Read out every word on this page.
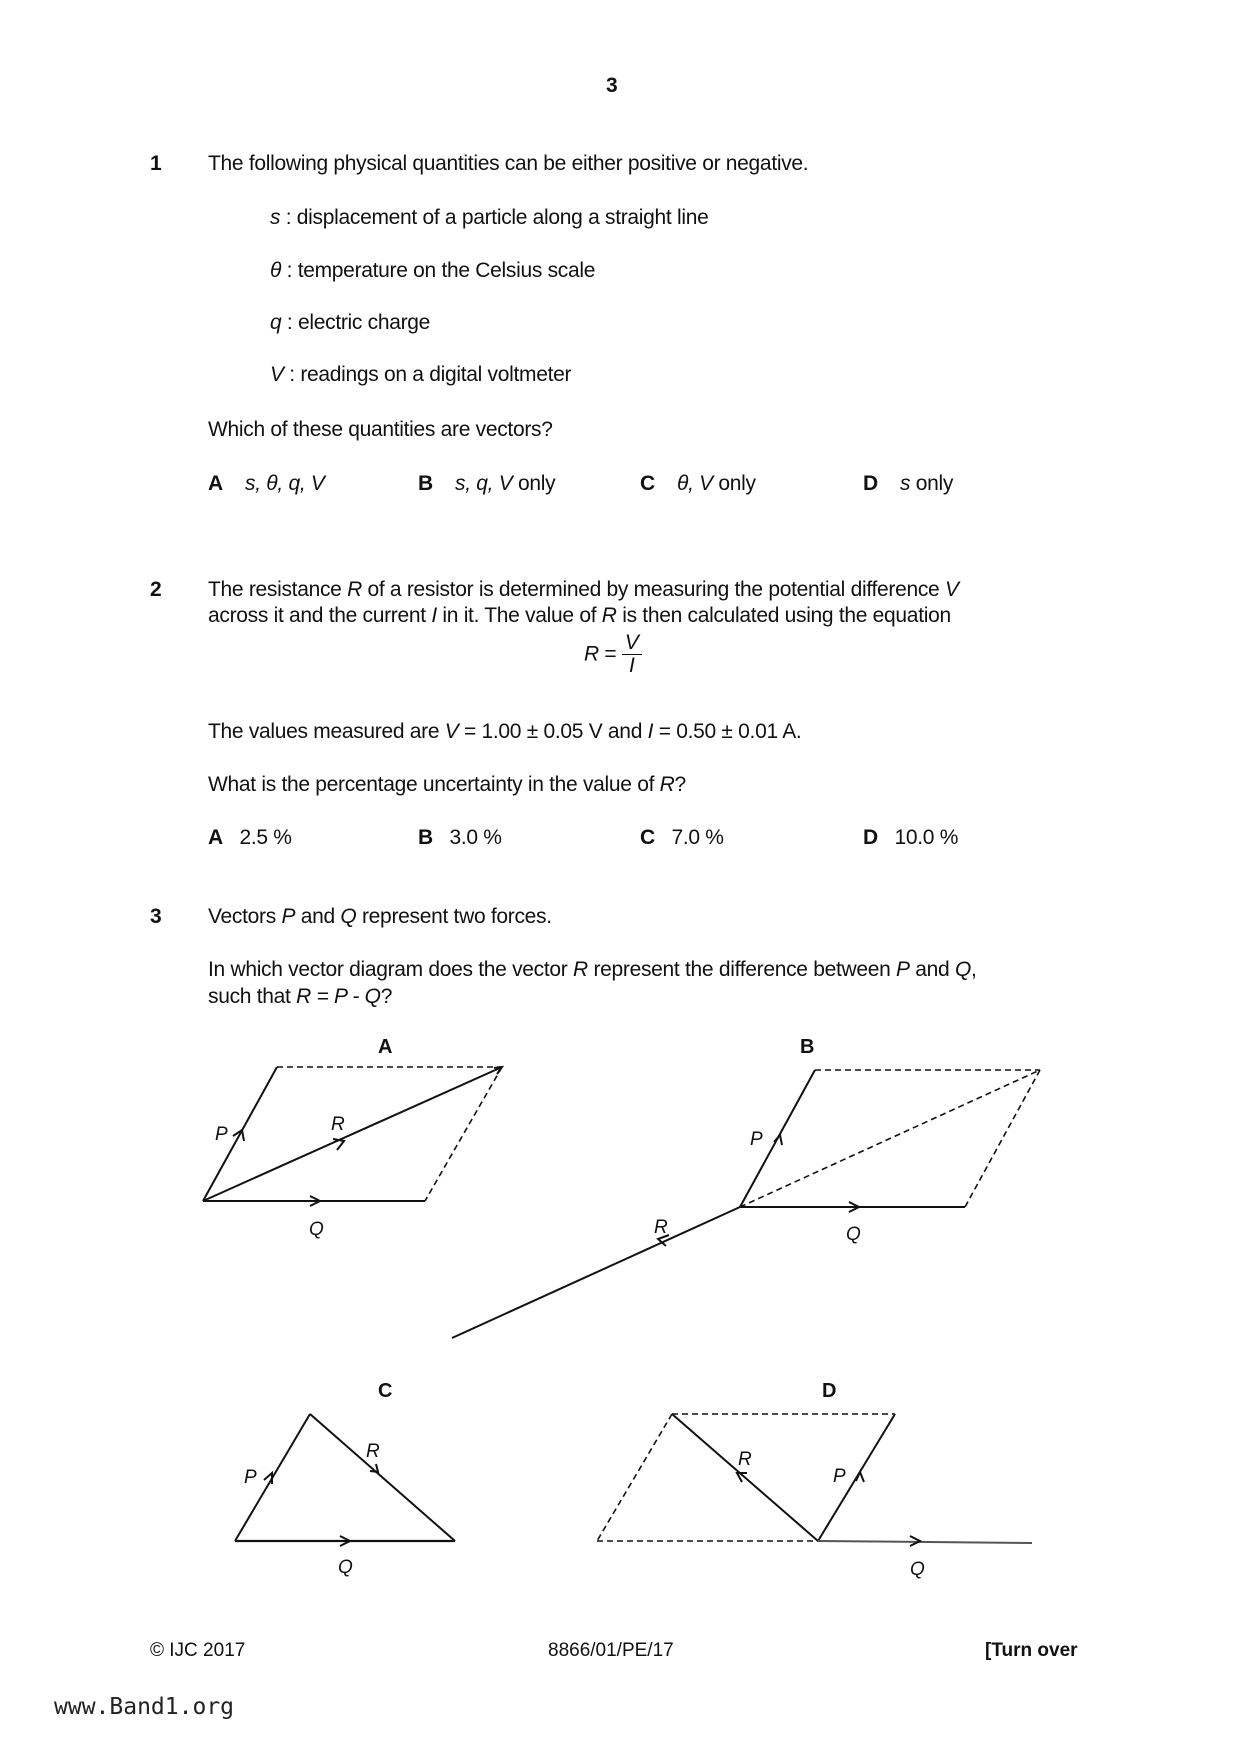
3
1 The following physical quantities can be either positive or negative.
s : displacement of a particle along a straight line
θ : temperature on the Celsius scale
q : electric charge
V : readings on a digital voltmeter
Which of these quantities are vectors?
A s, θ, q, V	B s, q, V only	C θ, V only	D s only
2 The resistance R of a resistor is determined by measuring the potential difference V
across it and the current I in it. The value of R is then calculated using the equation
$R = \frac{V}{I}$
The values measured are V = 1.00 ± 0.05 V and I = 0.50 ± 0.01 A.
What is the percentage uncertainty in the value of R?
A 2.5 %	B 3.0 %	C 7.0 %	D 10.0 %
3 Vectors P and Q represent two forces.
In which vector diagram does the vector R represent the difference between P and Q,
such that R = P - Q?
A	B
C	D
P	R
Q
P
R	Q
P
R
Q
R
P
Q
© IJC 2017	8866/01/PE/17	[Turn over
www.Band1.org
